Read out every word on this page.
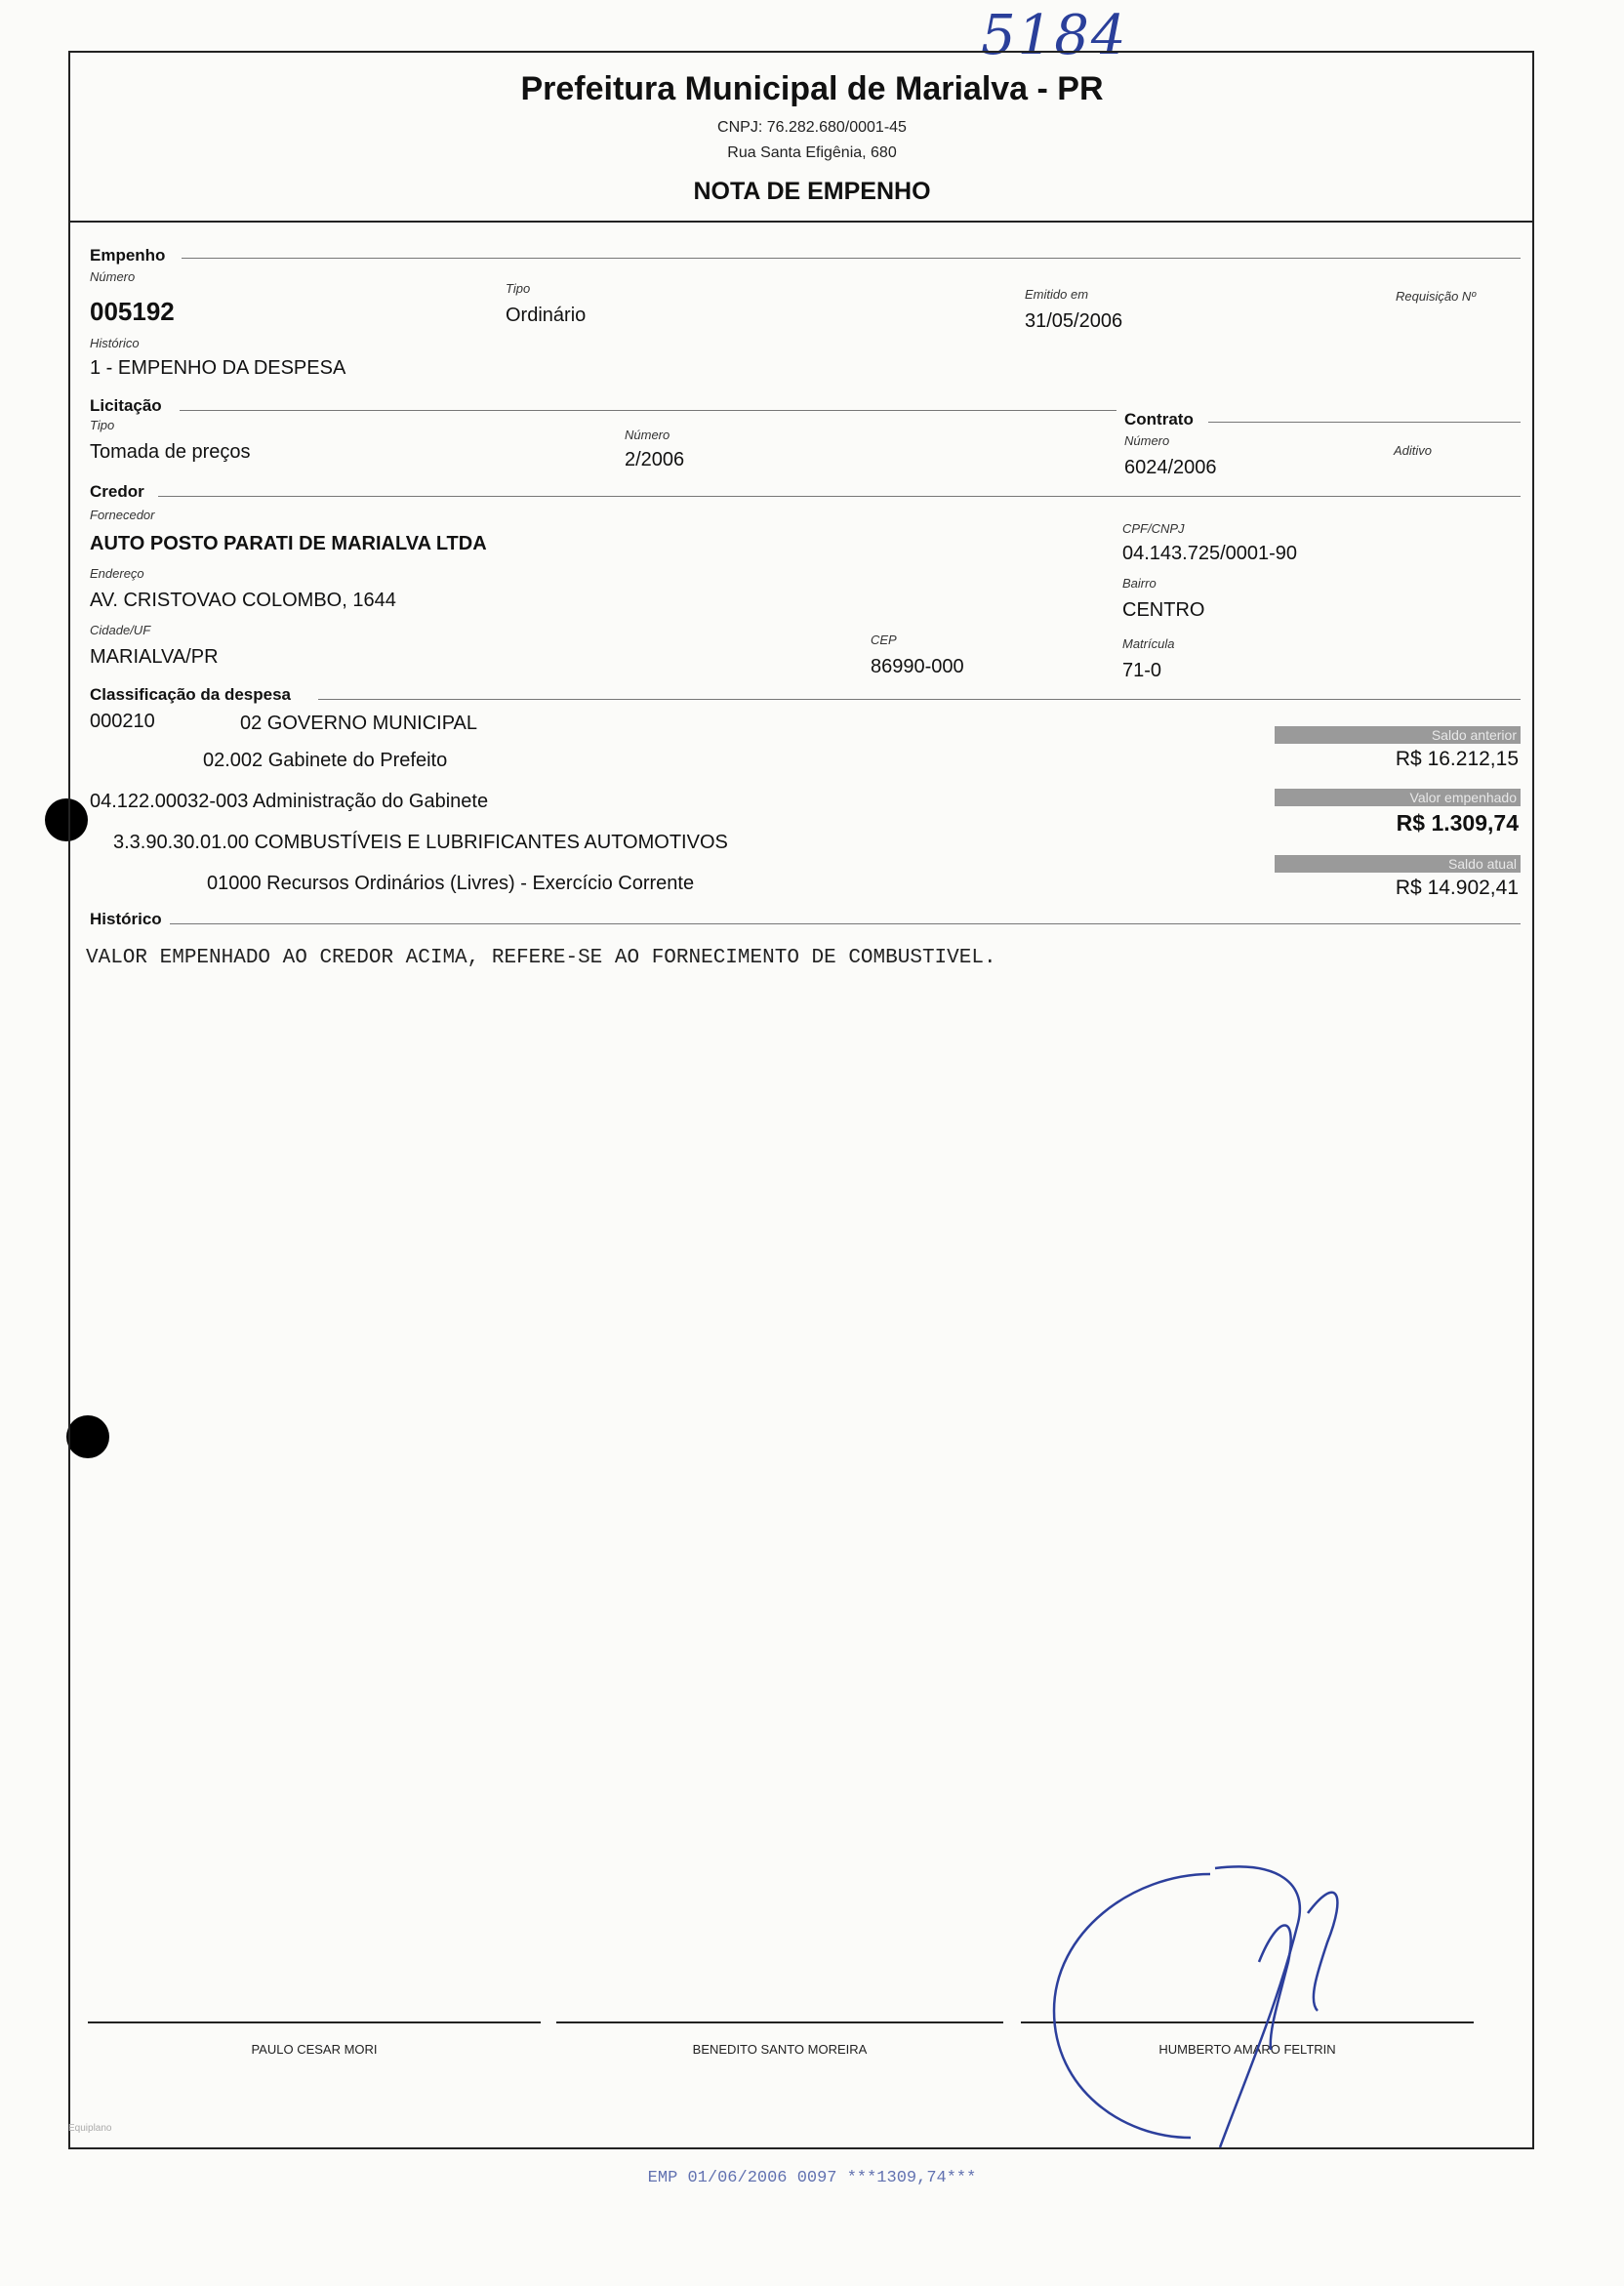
5184
Prefeitura Municipal de Marialva - PR
CNPJ: 76.282.680/0001-45
Rua Santa Efigênia, 680
NOTA DE EMPENHO
Empenho
Número
005192
Tipo
Ordinário
Emitido em
31/05/2006
Requisição Nº
Histórico
1 - EMPENHO DA DESPESA
Licitação
Tipo
Tomada de preços
Número
2/2006
Contrato
Número
6024/2006
Aditivo
Credor
Fornecedor
AUTO POSTO PARATI DE MARIALVA LTDA
CPF/CNPJ
04.143.725/0001-90
Endereço
AV. CRISTOVAO COLOMBO, 1644
Bairro
CENTRO
Cidade/UF
MARIALVA/PR
CEP
86990-000
Matrícula
71-0
Classificação da despesa
000210	02 GOVERNO MUNICIPAL
02.002 Gabinete do Prefeito
04.122.00032-003 Administração do Gabinete
3.3.90.30.01.00 COMBUSTÍVEIS E LUBRIFICANTES AUTOMOTIVOS
01000 Recursos Ordinários (Livres) - Exercício Corrente
Saldo anterior
R$ 16.212,15
Valor empenhado
R$ 1.309,74
Saldo atual
R$ 14.902,41
Histórico
VALOR EMPENHADO AO CREDOR ACIMA, REFERE-SE AO FORNECIMENTO DE COMBUSTIVEL.
PAULO CESAR MORI	BENEDITO SANTO MOREIRA	HUMBERTO AMARO FELTRIN
Equiplano
EMP 01/06/2006 0097 ***1309,74***
